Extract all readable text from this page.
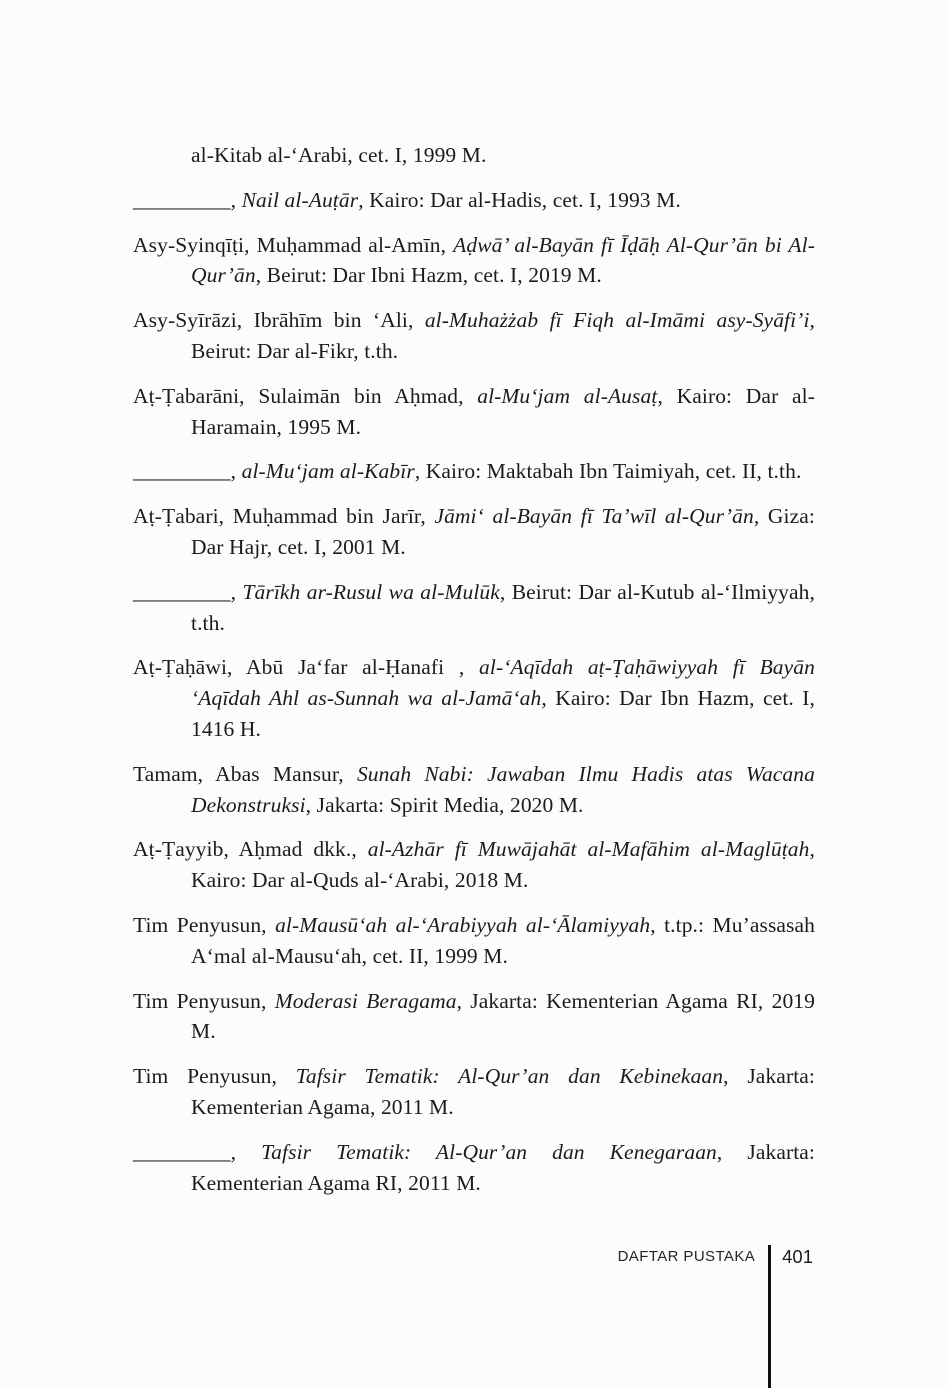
al-Kitab al-‘Arabi, cet. I, 1999 M.

_________, Nail al-Auṭār, Kairo: Dar al-Hadis, cet. I, 1993 M.

Asy-Syinqīṭi, Muḥammad al-Amīn, Aḍwā’ al-Bayān fī Īḍāḥ Al-Qur’ān bi Al-Qur’ān, Beirut: Dar Ibni Hazm, cet. I, 2019 M.

Asy-Syīrāzi, Ibrāhīm bin ‘Ali, al-Muhażżab fī Fiqh al-Imāmi asy-Syāfi’i, Beirut: Dar al-Fikr, t.th.

Aṭ-Ṭabarāni, Sulaimān bin Aḥmad, al-Mu‘jam al-Ausaṭ, Kairo: Dar al-Haramain, 1995 M.

_________, al-Mu‘jam al-Kabīr, Kairo: Maktabah Ibn Taimiyah, cet. II, t.th.

Aṭ-Ṭabari, Muḥammad bin Jarīr, Jāmi‘ al-Bayān fī Ta’wīl al-Qur’ān, Giza: Dar Hajr, cet. I, 2001 M.

_________, Tārīkh ar-Rusul wa al-Mulūk, Beirut: Dar al-Kutub al-‘Ilmiyyah, t.th.

Aṭ-Ṭaḥāwi, Abū Ja‘far al-Ḥanafi , al-‘Aqīdah aṭ-Ṭaḥāwiyyah fī Bayān ‘Aqīdah Ahl as-Sunnah wa al-Jamā‘ah, Kairo: Dar Ibn Hazm, cet. I, 1416 H.

Tamam, Abas Mansur, Sunah Nabi: Jawaban Ilmu Hadis atas Wacana Dekonstruksi, Jakarta: Spirit Media, 2020 M.

Aṭ-Ṭayyib, Aḥmad dkk., al-Azhār fī Muwājahāt al-Mafāhim al-Maglūṭah, Kairo: Dar al-Quds al-‘Arabi, 2018 M.

Tim Penyusun, al-Mausū‘ah al-‘Arabiyyah al-‘Ālamiyyah, t.tp.: Mu’assasah A‘mal al-Mausu‘ah, cet. II, 1999 M.

Tim Penyusun, Moderasi Beragama, Jakarta: Kementerian Agama RI, 2019 M.

Tim Penyusun, Tafsir Tematik: Al-Qur’an dan Kebinekaan, Jakarta: Kementerian Agama, 2011 M.

_________, Tafsir Tematik: Al-Qur’an dan Kenegaraan, Jakarta: Kementerian Agama RI, 2011 M.

DAFTAR PUSTAKA 401
